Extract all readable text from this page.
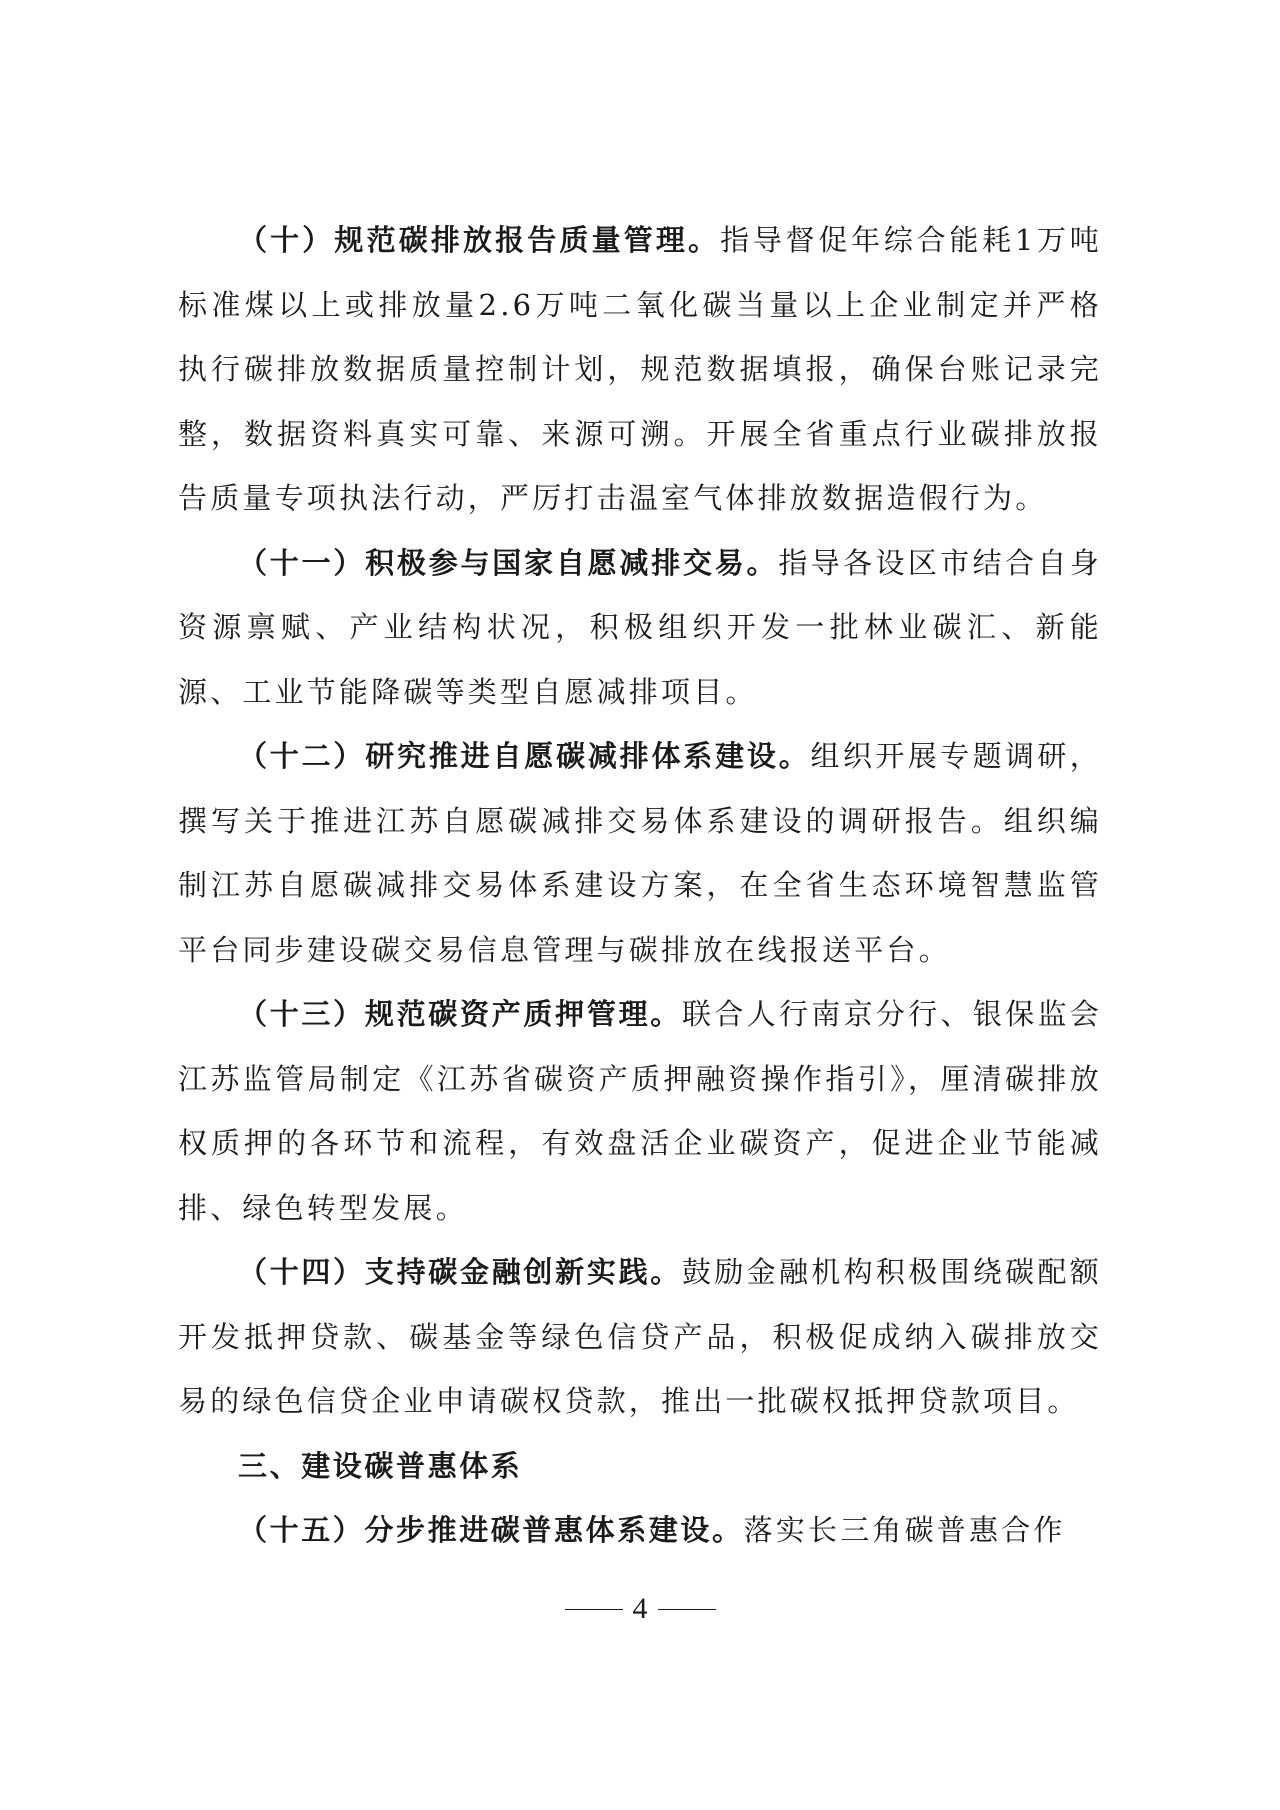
（十）规范碳排放报告质量管理。指导督促年综合能耗1万吨标准煤以上或排放量2.6万吨二氧化碳当量以上企业制定并严格执行碳排放数据质量控制计划，规范数据填报，确保台账记录完整，数据资料真实可靠、来源可溯。开展全省重点行业碳排放报告质量专项执法行动，严厉打击温室气体排放数据造假行为。

（十一）积极参与国家自愿减排交易。指导各设区市结合自身资源禀赋、产业结构状况，积极组织开发一批林业碳汇、新能源、工业节能降碳等类型自愿减排项目。

（十二）研究推进自愿碳减排体系建设。组织开展专题调研，撰写关于推进江苏自愿碳减排交易体系建设的调研报告。组织编制江苏自愿碳减排交易体系建设方案，在全省生态环境智慧监管平台同步建设碳交易信息管理与碳排放在线报送平台。

（十三）规范碳资产质押管理。联合人行南京分行、银保监会江苏监管局制定《江苏省碳资产质押融资操作指引》，厘清碳排放权质押的各环节和流程，有效盘活企业碳资产，促进企业节能减排、绿色转型发展。

（十四）支持碳金融创新实践。鼓励金融机构积极围绕碳配额开发抵押贷款、碳基金等绿色信贷产品，积极促成纳入碳排放交易的绿色信贷企业申请碳权贷款，推出一批碳权抵押贷款项目。

三、建设碳普惠体系

（十五）分步推进碳普惠体系建设。落实长三角碳普惠合作

4
